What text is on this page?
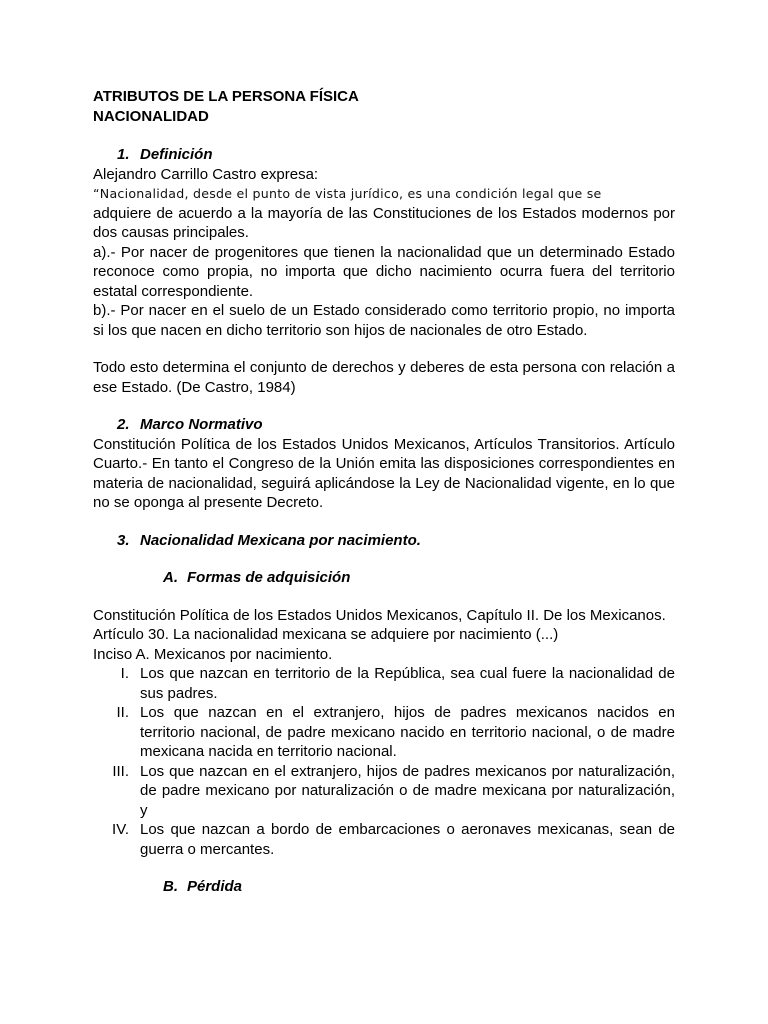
ATRIBUTOS DE LA PERSONA FÍSICA

NACIONALIDAD

1. Definición

Alejandro Carrillo Castro expresa:

“Nacionalidad, desde el punto de vista jurídico, es una condición legal que se

adquiere de acuerdo a la mayoría de las Constituciones de los Estados modernos por dos causas principales.

a).- Por nacer de progenitores que tienen la nacionalidad que un determinado Estado reconoce como propia, no importa que dicho nacimiento ocurra fuera del territorio estatal correspondiente.

b).- Por nacer en el suelo de un Estado considerado como territorio propio, no importa si los que nacen en dicho territorio son hijos de nacionales de otro Estado.

Todo esto determina el conjunto de derechos y deberes de esta persona con relación a ese Estado. (De Castro, 1984)

2. Marco Normativo

Constitución Política de los Estados Unidos Mexicanos, Artículos Transitorios. Artículo Cuarto.- En tanto el Congreso de la Unión emita las disposiciones correspondientes en materia de nacionalidad, seguirá aplicándose la Ley de Nacionalidad vigente, en lo que no se oponga al presente Decreto.

3. Nacionalidad Mexicana por nacimiento.
A. Formas de adquisición

Constitución Política de los Estados Unidos Mexicanos, Capítulo II. De los Mexicanos.

Artículo 30. La nacionalidad mexicana se adquiere por nacimiento (...)

Inciso A. Mexicanos por nacimiento.

I. Los que nazcan en territorio de la República, sea cual fuere la nacionalidad de sus padres.
II. Los que nazcan en el extranjero, hijos de padres mexicanos nacidos en territorio nacional, de padre mexicano nacido en territorio nacional, o de madre mexicana nacida en territorio nacional.
III. Los que nazcan en el extranjero, hijos de padres mexicanos por naturalización, de padre mexicano por naturalización o de madre mexicana por naturalización, y
IV. Los que nazcan a bordo de embarcaciones o aeronaves mexicanas, sean de guerra o mercantes.
B. Pérdida
